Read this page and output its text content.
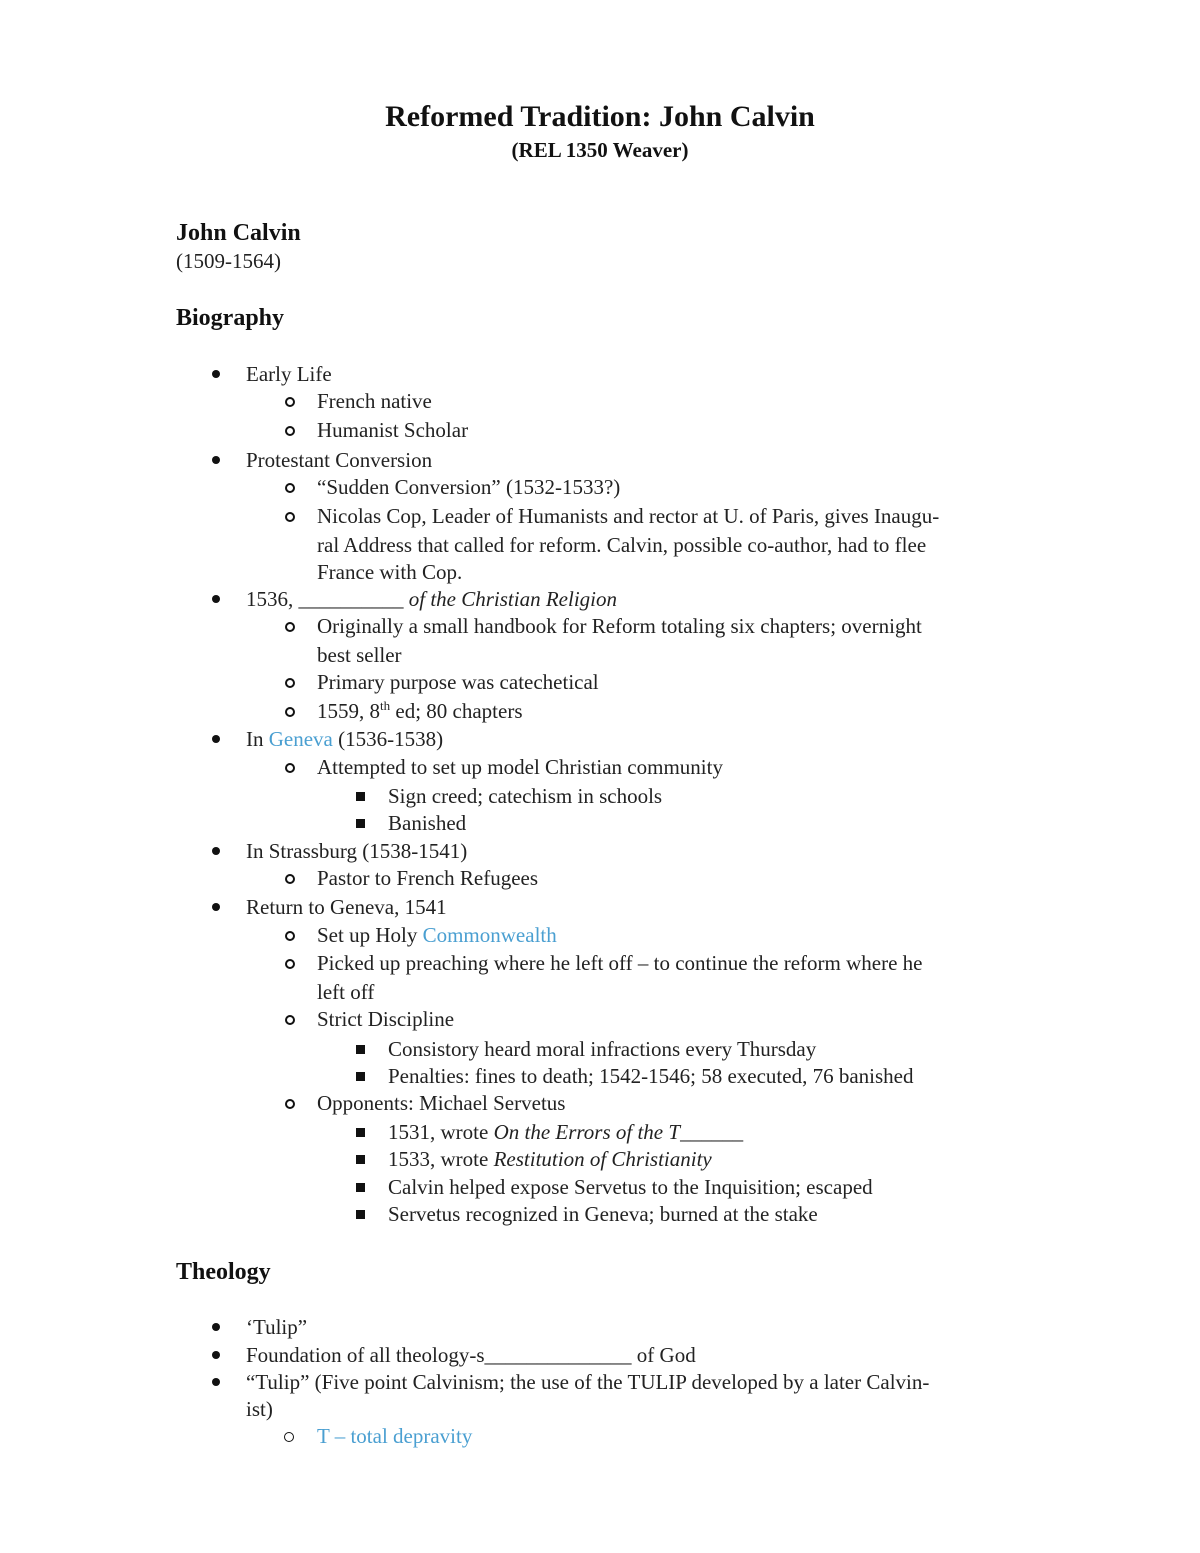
Reformed Tradition: John Calvin
(REL 1350 Weaver)
John Calvin
(1509-1564)
Biography
Early Life
French native
Humanist Scholar
Protestant Conversion
“Sudden Conversion” (1532-1533?)
Nicolas Cop, Leader of Humanists and rector at U. of Paris, gives Inaugu-
ral Address that called for reform. Calvin, possible co-author, had to flee
France with Cop.
1536, __________ of the Christian Religion
Originally a small handbook for Reform totaling six chapters; overnight
best seller
Primary purpose was catechetical
1559, 8th ed; 80 chapters
In Geneva (1536-1538)
Attempted to set up model Christian community
Sign creed; catechism in schools
Banished
In Strassburg (1538-1541)
Pastor to French Refugees
Return to Geneva, 1541
Set up Holy Commonwealth
Picked up preaching where he left off – to continue the reform where he
left off
Strict Discipline
Consistory heard moral infractions every Thursday
Penalties: fines to death; 1542-1546; 58 executed, 76 banished
Opponents: Michael Servetus
1531, wrote On the Errors of the T______
1533, wrote Restitution of Christianity
Calvin helped expose Servetus to the Inquisition; escaped
Servetus recognized in Geneva; burned at the stake
Theology
‘Tulip”
Foundation of all theology-s______________ of God
“Tulip” (Five point Calvinism; the use of the TULIP developed by a later Calvin-
ist)
T – total depravity
